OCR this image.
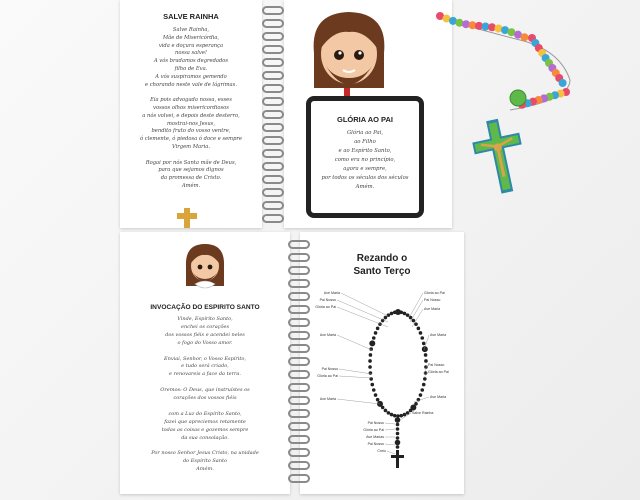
SALVE RAINHA
Salve Rainha,
Mãe de Misericórdia,
vida e doçura esperança
nossa salve!
A vós bradamos degredados
filho de Eva.
A vós suspiramos gemendo
e chorando neste vale de lágrimas.

Eia pois advogada nossa, esses
vossos olhos misericordiosos
a nós volvei, e depois deste desterro,
mostrai-nos Jesus,
bendito fruto do vosso ventre,
ó clemente, ó piedosa ó doce e sempre
Virgem Maria.

Rogai por nós Santa mãe de Deus,
para que sejamos dignos
da promessa de Cristo.
Amém.
GLÓRIA AO PAI
Glória ao Pai,
ao Filho
e ao Espírito Santo,
como era no princípio,
agora e sempre,
por todos os séculos dos séculos
Amém.
INVOCAÇÃO DO ESPIRITO SANTO
Vinde, Espírito Santo,
enchei os corações
dos vossos fiéis e acendei neles
o fogo do Vosso amor.

Enviai, Senhor, o Vosso Espírito,
e tudo será criado,
e renovareis a face da terra.

Oremos: O Deus, que instruístes os
corações dos vossos fiéis

com a Luz do Espírito Santo,
fazei que apreciemos retamente
todas as coisas e gozemos sempre
da sua consolação.

Por nosso Senhor Jesus Cristo, na unidade
do Espírito Santo
Amém.
Rezando o
Santo Terço
Ave Maria
Pai Nosso
Glória ao Pai
Gloria ao Pai
Pai Nosso
Ave Maria
Ave Maria	Ave Maria
Pai Nosso
Glória ao Pai
Pai Nosso
Glória ao Pai
Ave Maria	Ave Maria
Salve Rainha
Pai Nosso
Glória ao Pai
Ave Marias
Pai Nosso
Creio
